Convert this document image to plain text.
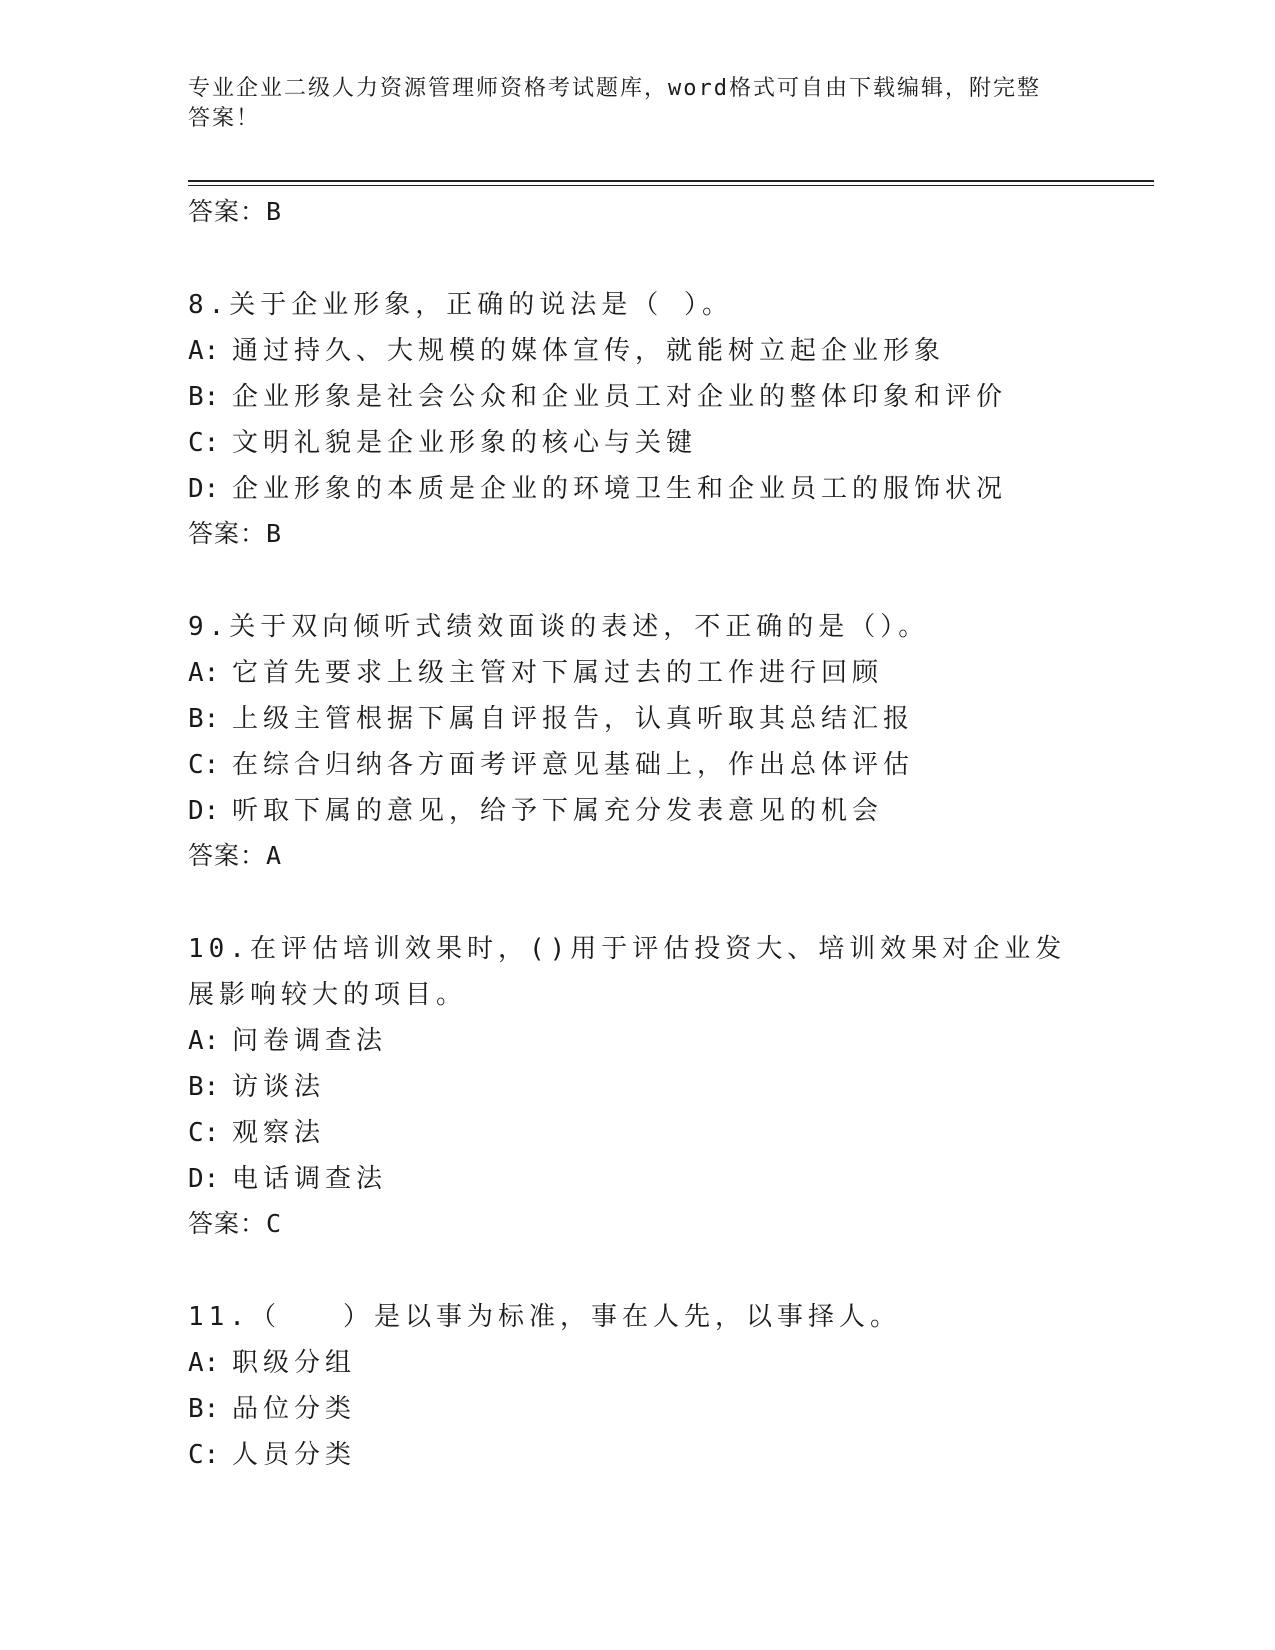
专业企业二级人力资源管理师资格考试题库，word格式可自由下载编辑，附完整
答案！
答案：B
8.关于企业形象，正确的说法是（ ）。
A: 通过持久、大规模的媒体宣传，就能树立起企业形象
B: 企业形象是社会公众和企业员工对企业的整体印象和评价
C: 文明礼貌是企业形象的核心与关键
D: 企业形象的本质是企业的环境卫生和企业员工的服饰状况
答案：B
9.关于双向倾听式绩效面谈的表述，不正确的是（）。
A: 它首先要求上级主管对下属过去的工作进行回顾
B: 上级主管根据下属自评报告，认真听取其总结汇报
C: 在综合归纳各方面考评意见基础上，作出总体评估
D: 听取下属的意见，给予下属充分发表意见的机会
答案：A
10.在评估培训效果时，()用于评估投资大、培训效果对企业发展影响较大的项目。
A: 问卷调查法
B: 访谈法
C: 观察法
D: 电话调查法
答案：C
11.（　　）是以事为标准，事在人先，以事择人。
A: 职级分组
B: 品位分类
C: 人员分类
